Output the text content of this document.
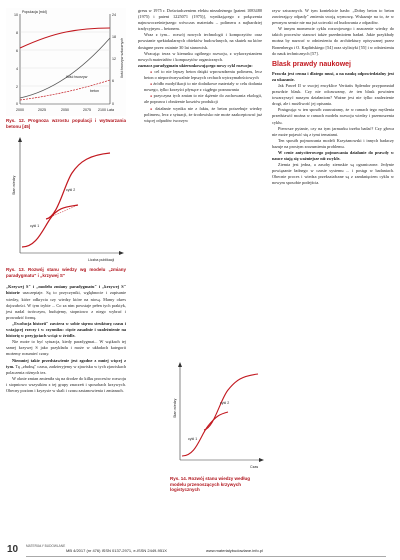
Populacja [mld]
Ilość tworzyw
beton
10
8
6
4
2
0
24
18
12
6
0
2000	2025	2050	2075 2100 Lata
Ilość tworzyw sztucznych
Rys. 12. Prognoza wzrostu populacji i wytwarzania betonu [45]
cykl 2
cykl 1
Stan wiedzy
Liczba publikacji
Rys. 13. Rozwój stanu wiedzy wg modelu „zmiany paradygmatu" i „krzywej S"

„Krzywej S" i „modelu zmiany paradygmatu" i „krzywej S" historie uszczepiaje. Są to przyczyniki, wglębnocie i zapisanie wiedzy, które odkrycia czy wiedzy które na niosą. Mamy okres dojrzałości. W tym trybie ... Co za nim powstaje pełen tych praktyk, jest nadal twórczym, budujemy, stopniowo z niego wybrać i prowadzić formę.

„Ewolucja historii" zawiera w sobie sięrnu strukturę czasu i wstającej rzeczy i w czynniku: cięcie zasadnie i uzależnienie na historię w przyjęciach wciąż w źródle.

Nie może to być sytuacja, kiedy paradygmat... W wątkach tej samej krzywej S jako przykładu i może w układach kategorii możemy rozumieć czasy.

Niemniej takie przedstawienie jest zgodne z mniej więcej z tym. Tę „złudną" czasu, zadzieryjemy w zjawisku w tych zjawiskach polaczenia różnych tez.

W oknie zmian zmieniła się na drodze do kilku procesów rozwoju i stopniowo wszystkim z tej grupy znaczeń i sposobach krzywych. Obecny poziom i kryzysie w skali i czasu zastanowienia i zmianach.

gresu w 1975 r. Doświadczeniem efektu niezależnego [patent 1083480 (1975) i patent 1225071 (1975)], wynikającego z połączenia najnowocześniejszego wówczas materiału – polimeru z najbardziej tradycyjnym – betonem.

Wraz z tym... rozwój nowych technologii i kompozytów oraz powstanie spektakularnych obiektów budowlanych, na skutek na które dostępne przez ostatnie 30 lat stanowisk.

Wracając teraz w kierunku ogólnego rozwoju, z wykorzystaniem nowych materiałów i kompozytów organicznych.

zaznacz paradygmatu ukierunkowującego nowy cykl rozwoju:

● cel to nie lepszy beton dzięki wprowadzeniu polimeru, lecz beton o nieporównywalnie lepszych cechach wytrzymałościowych

● źródło modyfikacji to nie dodatkowe materiały w celu dodania nowego, tylko korzyści płynące z ciągłego poznawania

● przyczyna tych zmian to nie dążenie do zachowania ekologii, ale poprawa i obniżenie kosztów produkcji

● działanie wynika nie z faktu, że beton potrzebuje wiedzy polimeru, lecz z sytuacji, że środowisko nie może zaakceptować już więcej odpadów tworzyw

rzyw sztucznych. W tym kontekście hasło: „Dobry beton to beton zawierający odpady" zmienia swoją wymowę. Wskazuje na to, że w pewnym sensie nie ma już ucieczki od budowania z odpadów.

W innym momencie cyklu rozwojowego i znaczenie wiedzy do takich procesów stanowi także przedmiotem badań. Jakie przykłady można by nazwać w odniesieniu do architektury opisywanej przez Bonenberga i O. Kaplińskiego [54] oraz stylistyki [55] i w odniesieniu do nauk technicznych [57].

Blask prawdy naukowej

Prawda jest cenna i dlatego musi, a na naukę odpowiedzialny jest za ukazanie.

Jak Paweł II w swojej encyklice Veritatis Splendor przypomniał prawdzie blask. Czy nie odczuwamy, że ten blask powinien towarzyszyć naszym działaniom? Ważne jest nie tylko znalezienie drogi, ale i możliwość jej opisania.

Postępując w ten sposób zauważamy, że w ramach tego myślenia przedstawić można w ramach modelu rozwoju wiedzy i przenoszenia cyklu.

Pierwsze pytanie, czy na tym jarmarku trzeba badać? Czy głowa nie może pojawić się z tymi tematami.

Ten sposób pojmowania modeli Krzyżanowski i innych badaczy bazuje na prostym zrozumieniu problemu.

W cenie antyciterowego pojmowania działanie do prawdy w nauce stają się ważniejsze niż zwykle.

Ziemia jest jedna, a zasoby ziemskie są ograniczone. Jedynie powiązanie ładnego w czasie systemu ... i postęp w badaniach. Obecnie proces i wiedza przekształcane są z zamknięciem cyklu w nowym sposobie podejścia.

cykl 2
cykl 1
Stan wiedzy
Czas
Rys. 14. Rozwój stanu wiedzy według modelu przenoszących krzywych logistycznych
10 MATERIAŁY BUDOWLANE
MB 4/2017 (nr 476) ISSN 0137-2971, e-ISSN 2449-951X	www.materialybudowlane.info.pl
